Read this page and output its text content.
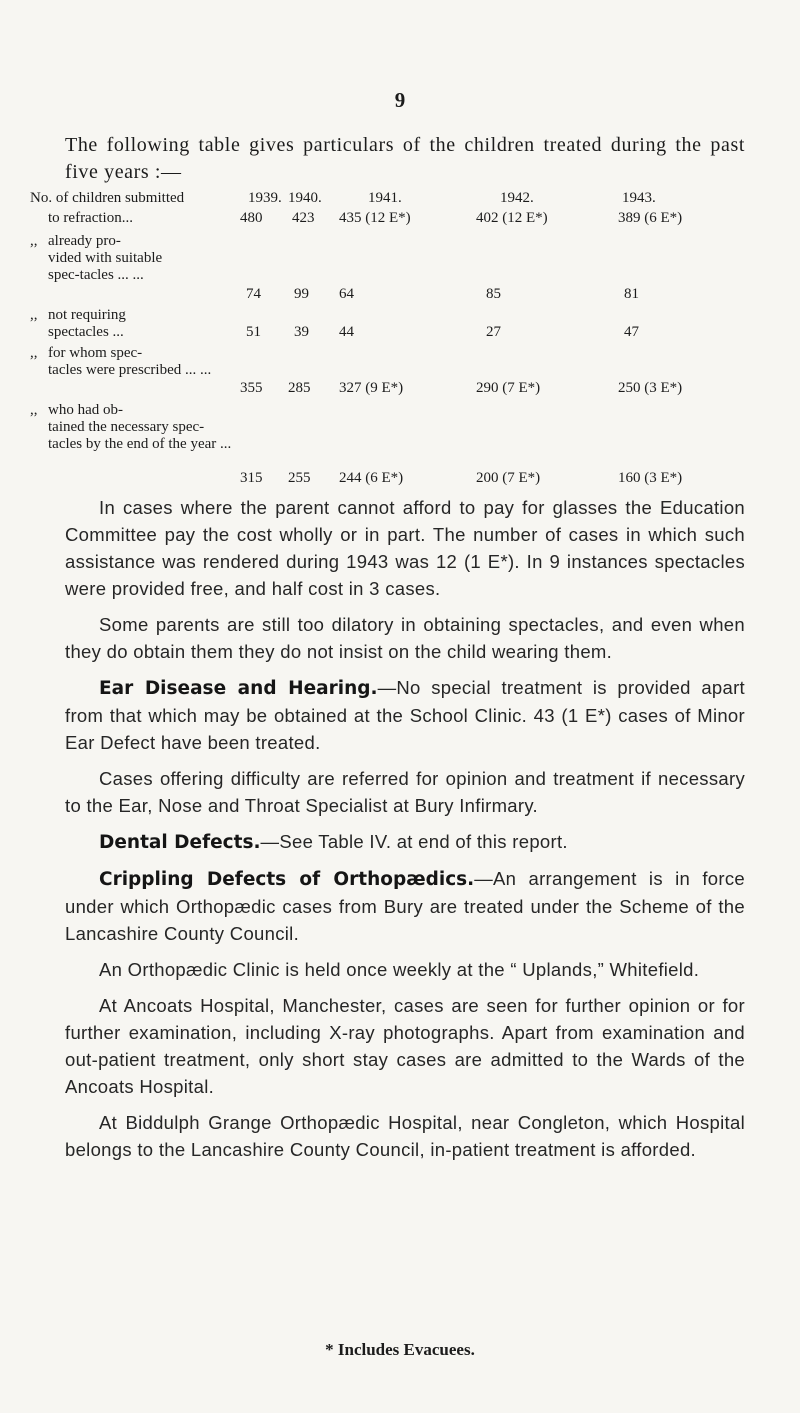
9

The following table gives particulars of the children treated during the past five years :—

No. of children submitted	1939. 1940.	1941.	1942.	1943.
to refraction...	480 423 435 (12 E*)	402 (12 E*)	389 (6 E*)
,, already pro-
vided with suitable spec-tacles ... ...
74 99 64	85	81
,, not requiring
spectacles ...	51 39 44	27	47
,, for whom spec-
tacles were prescribed ... ...
355 285 327 (9 E*)	290 (7 E*)	250 (3 E*)
,, who had ob-
tained the necessary spec-tacles by the end of the year ...
315 255 244 (6 E*)	200 (7 E*)	160 (3 E*)

In cases where the parent cannot afford to pay for glasses the Education Committee pay the cost wholly or in part. The number of cases in which such assistance was rendered during 1943 was 12 (1 E*). In 9 instances spectacles were provided free, and half cost in 3 cases.

Some parents are still too dilatory in obtaining spectacles, and even when they do obtain them they do not insist on the child wearing them.

Ear Disease and Hearing.—No special treatment is provided apart from that which may be obtained at the School Clinic. 43 (1 E*) cases of Minor Ear Defect have been treated.

Cases offering difficulty are referred for opinion and treatment if necessary to the Ear, Nose and Throat Specialist at Bury Infirmary.

Dental Defects.—See Table IV. at end of this report.

Crippling Defects of Orthopædics.—An arrangement is in force under which Orthopædic cases from Bury are treated under the Scheme of the Lancashire County Council.

An Orthopædic Clinic is held once weekly at the “ Uplands,” Whitefield.

At Ancoats Hospital, Manchester, cases are seen for further opinion or for further examination, including X-ray photographs. Apart from examination and out-patient treatment, only short stay cases are admitted to the Wards of the Ancoats Hospital.

At Biddulph Grange Orthopædic Hospital, near Congleton, which Hospital belongs to the Lancashire County Council, in-patient treatment is afforded.

* Includes Evacuees.
